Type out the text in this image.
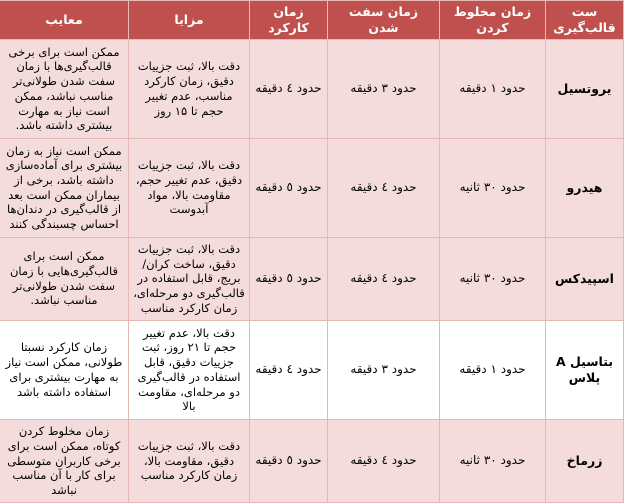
ست قالب‌گیری	زمان مخلوط کردن	زمان سفت شدن	زمان کارکرد	مزایا	معایب
یروتسیل	حدود ۱ دقیقه	حدود ۳ دقیقه	حدود ٤ دقیقه	دقت بالا، ثبت جزییات دقیق، زمان کارکرد مناسب، عدم تغییر حجم تا ۱۵ روز	ممکن است برای برخی قالب‌گیری‌ها با زمان سفت شدن طولانی‌تر مناسب نباشد، ممکن است نیاز به مهارت بیشتری داشته باشد.
هیدرو	حدود ۳۰ ثانیه	حدود ٤ دقیقه	حدود ٥ دقیقه	دقت بالا، ثبت جزییات دقیق، عدم تغییر حجم، مقاومت بالا، مواد آبدوست	ممکن است نیاز به زمان بیشتری برای آماده‌سازی داشته باشد، برخی از بیماران ممکن است بعد از قالب‌گیری در دندان‌ها احساس چسبندگی کنند
اسپیدکس	حدود ۳۰ ثانیه	حدود ٤ دقیقه	حدود ٥ دقیقه	دقت بالا، ثبت جزییات دقیق، ساخت کران/بریج، قابل استفاده در قالب‌گیری دو مرحله‌ای، زمان کارکرد مناسب	ممکن است برای قالب‌گیری‌هایی با زمان سفت شدن طولانی‌تر مناسب نباشد.
بتاسیل A پلاس	حدود ۱ دقیقه	حدود ۳ دقیقه	حدود ٤ دقیقه	دقت بالا، عدم تغییر حجم تا ۲۱ روز، ثبت جزییات دقیق، قابل استفاده در قالب‌گیری دو مرحله‌ای، مقاومت بالا	زمان کارکرد نسبتا طولانی، ممکن است نیاز به مهارت بیشتری برای استفاده داشته باشد
زرماخ	حدود ۳۰ ثانیه	حدود ٤ دقیقه	حدود ٥ دقیقه	دقت بالا، ثبت جزییات دقیق، مقاومت بالا، زمان کارکرد مناسب	زمان مخلوط کردن کوتاه، ممکن است برای برخی کاربران متوسطی برای کار با آن مناسب نباشد
